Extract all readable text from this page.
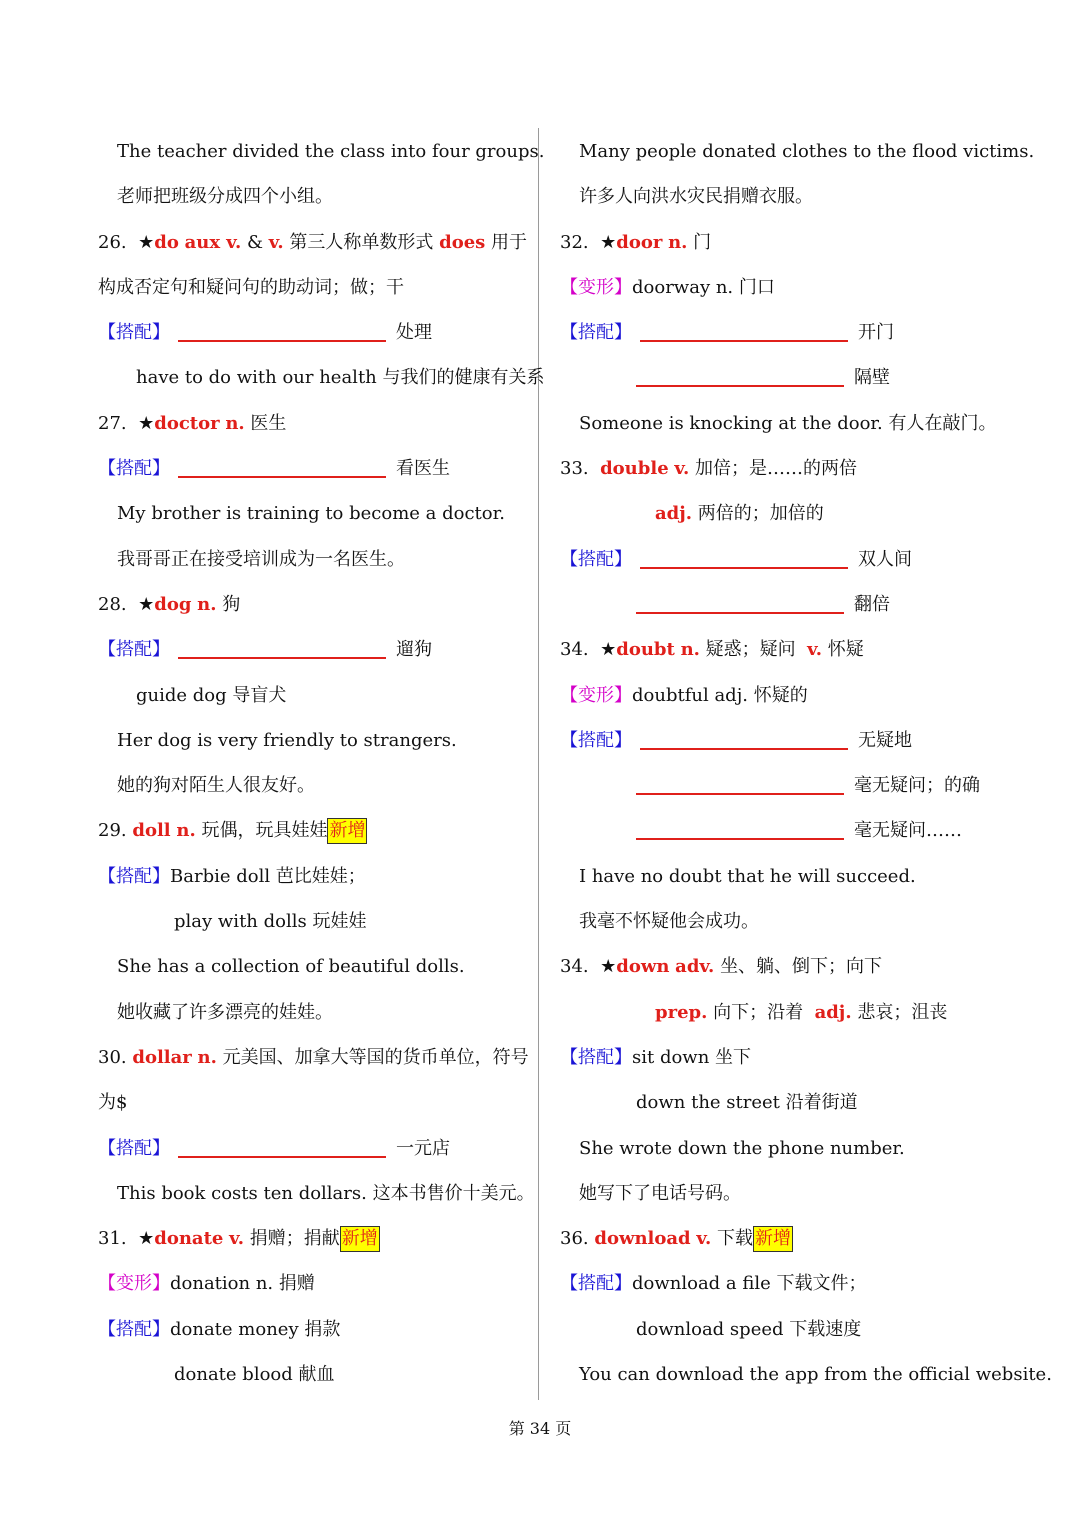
The teacher divided the class into four groups.
老师把班级分成四个小组。
26. ★do aux v. & v. 第三人称单数形式 does 用于
构成否定句和疑问句的助动词；做；干
【搭配】	处理
have to do with our health 与我们的健康有关系
27. ★doctor n. 医生
【搭配】	看医生
My brother is training to become a doctor.
我哥哥正在接受培训成为一名医生。
28. ★dog n. 狗
【搭配】	遛狗
guide dog 导盲犬
Her dog is very friendly to strangers.
她的狗对陌生人很友好。
29. doll n. 玩偶，玩具娃娃 新增
【搭配】Barbie doll 芭比娃娃；
play with dolls 玩娃娃
She has a collection of beautiful dolls.
她收藏了许多漂亮的娃娃。
30. dollar n. 元美国、加拿大等国的货币单位，符号
为$
【搭配】	一元店
This book costs ten dollars. 这本书售价十美元。
31. ★donate v. 捐赠；捐献 新增
【变形】donation n. 捐赠
【搭配】donate money 捐款
donate blood 献血
Many people donated clothes to the flood victims.
许多人向洪水灾民捐赠衣服。
32. ★door n. 门
【变形】doorway n. 门口
【搭配】	开门
隔壁
Someone is knocking at the door. 有人在敲门。
33. double v. 加倍；是……的两倍
adj. 两倍的；加倍的
【搭配】	双人间
翻倍
34. ★doubt n. 疑惑；疑问 v. 怀疑
【变形】doubtful adj. 怀疑的
【搭配】	无疑地
毫无疑问；的确
毫无疑问……
I have no doubt that he will succeed.
我毫不怀疑他会成功。
34. ★down adv. 坐、躺、倒下；向下
prep. 向下；沿着 adj. 悲哀；沮丧
【搭配】sit down 坐下
down the street 沿着街道
She wrote down the phone number.
她写下了电话号码。
36. download v. 下载 新增
【搭配】download a file 下载文件；
download speed 下载速度
You can download the app from the official website.
第 34 页
